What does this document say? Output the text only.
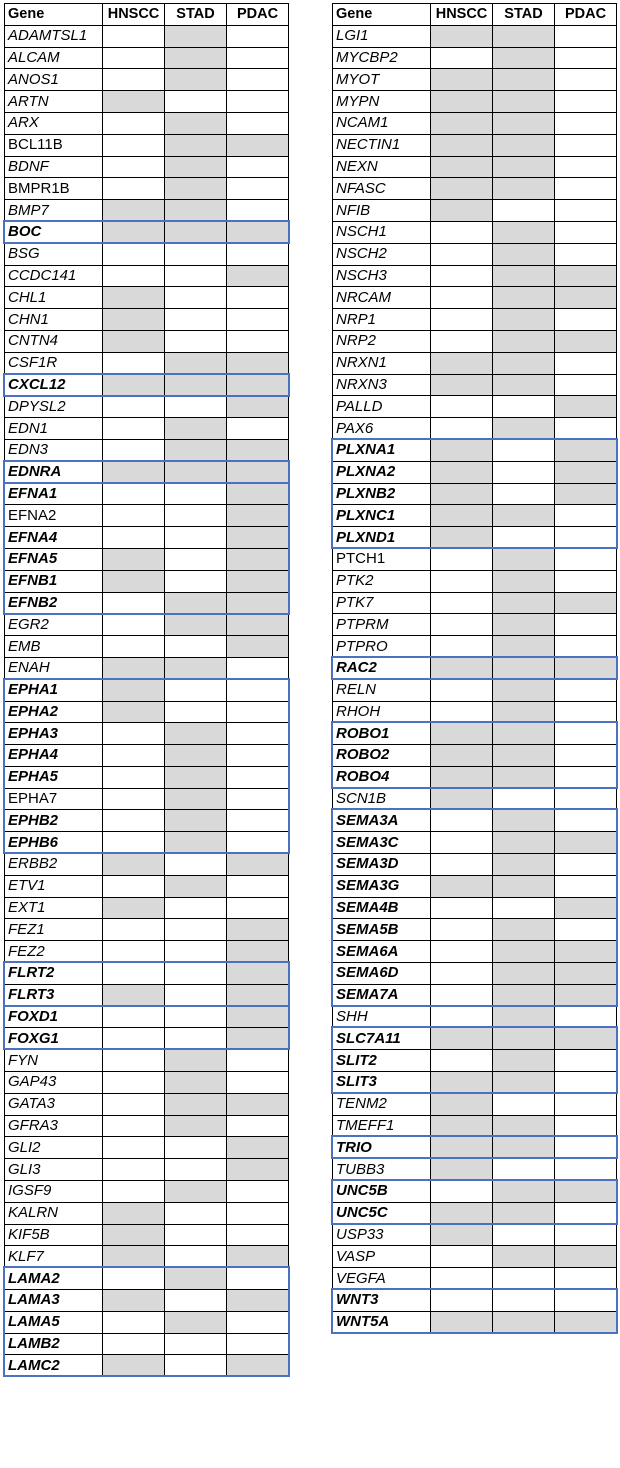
Gene	HNSCC	STAD	PDAC
ADAMTSL1			
ALCAM			
ANOS1			
ARTN			
ARX			
BCL11B			
BDNF			
BMPR1B			
BMP7			
BOC			
BSG			
CCDC141			
CHL1			
CHN1			
CNTN4			
CSF1R			
CXCL12			
DPYSL2			
EDN1			
EDN3			
EDNRA			
EFNA1			
EFNA2			
EFNA4			
EFNA5			
EFNB1			
EFNB2			
EGR2			
EMB			
ENAH			
EPHA1			
EPHA2			
EPHA3			
EPHA4			
EPHA5			
EPHA7			
EPHB2			
EPHB6			
ERBB2			
ETV1			
EXT1			
FEZ1			
FEZ2			
FLRT2			
FLRT3			
FOXD1			
FOXG1			
FYN			
GAP43			
GATA3			
GFRA3			
GLI2			
GLI3			
IGSF9			
KALRN			
KIF5B			
KLF7			
LAMA2			
LAMA3			
LAMA5			
LAMB2			
LAMC2			
Gene	HNSCC	STAD	PDAC
LGI1			
MYCBP2			
MYOT			
MYPN			
NCAM1			
NECTIN1			
NEXN			
NFASC			
NFIB			
NSCH1			
NSCH2			
NSCH3			
NRCAM			
NRP1			
NRP2			
NRXN1			
NRXN3			
PALLD			
PAX6			
PLXNA1			
PLXNA2			
PLXNB2			
PLXNC1			
PLXND1			
PTCH1			
PTK2			
PTK7			
PTPRM			
PTPRO			
RAC2			
RELN			
RHOH			
ROBO1			
ROBO2			
ROBO4			
SCN1B			
SEMA3A			
SEMA3C			
SEMA3D			
SEMA3G			
SEMA4B			
SEMA5B			
SEMA6A			
SEMA6D			
SEMA7A			
SHH			
SLC7A11			
SLIT2			
SLIT3			
TENM2			
TMEFF1			
TRIO			
TUBB3			
UNC5B			
UNC5C			
USP33			
VASP			
VEGFA			
WNT3			
WNT5A			
